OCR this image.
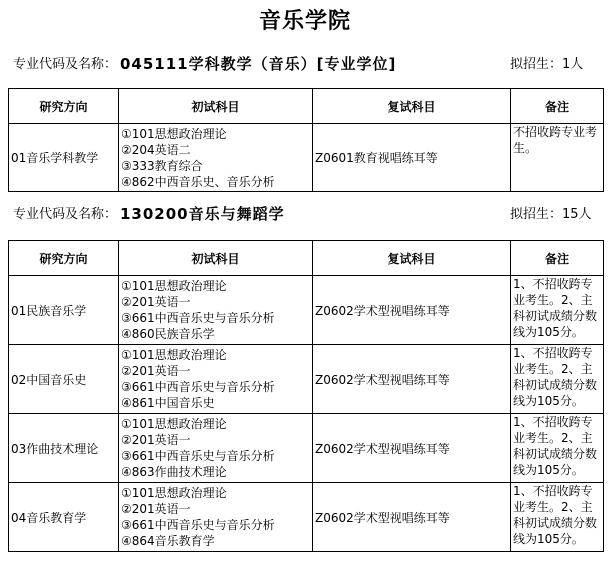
音乐学院
专业代码及名称： 045111学科教学（音乐）[专业学位]	拟招生：1人
研究方向	初试科目	复试科目	备注
01音乐学科教学	①101思想政治理论
②204英语二
③333教育综合
④862中西音乐史、音乐分析	Z0601教育视唱练耳等	不招收跨专业考生。
专业代码及名称： 130200音乐与舞蹈学	拟招生：15人
研究方向	初试科目	复试科目	备注
01民族音乐学	①101思想政治理论
②201英语一
③661中西音乐史与音乐分析
④860民族音乐学	Z0602学术型视唱练耳等	1、不招收跨专业考生。2、主科初试成绩分数线为105分。
02中国音乐史	①101思想政治理论
②201英语一
③661中西音乐史与音乐分析
④861中国音乐史	Z0602学术型视唱练耳等	1、不招收跨专业考生。2、主科初试成绩分数线为105分。
03作曲技术理论	①101思想政治理论
②201英语一
③661中西音乐史与音乐分析
④863作曲技术理论	Z0602学术型视唱练耳等	1、不招收跨专业考生。2、主科初试成绩分数线为105分。
04音乐教育学	①101思想政治理论
②201英语一
③661中西音乐史与音乐分析
④864音乐教育学	Z0602学术型视唱练耳等	1、不招收跨专业考生。2、主科初试成绩分数线为105分。
